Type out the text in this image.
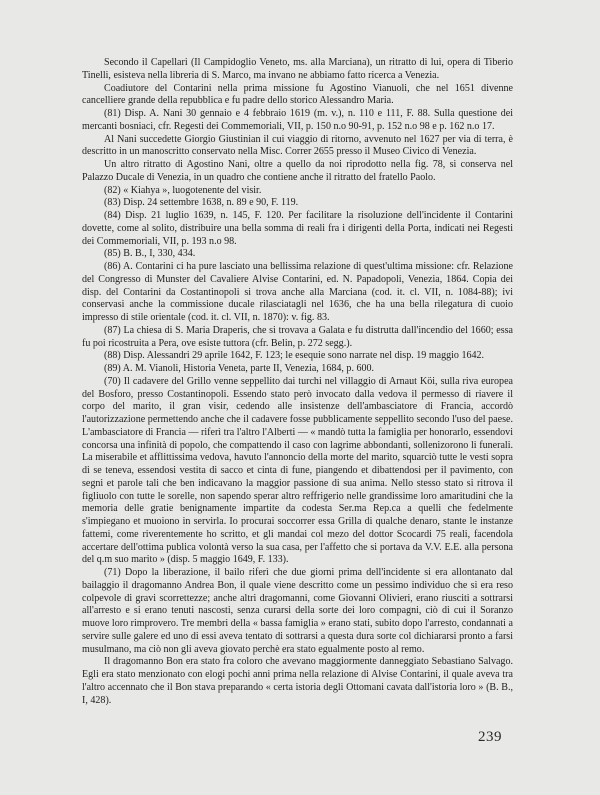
Secondo il Capellari (Il Campidoglio Veneto, ms. alla Marciana), un ritratto di lui, opera di Tiberio Tinelli, esisteva nella libreria di S. Marco, ma invano ne abbiamo fatto ricerca a Venezia.

Coadiutore del Contarini nella prima missione fu Agostino Vianuoli, che nel 1651 divenne cancelliere grande della repubblica e fu padre dello storico Alessandro Maria.

(81) Disp. A. Nani 30 gennaio e 4 febbraio 1619 (m. v.), n. 110 e 111, F. 88. Sulla questione dei mercanti bosniaci, cfr. Regesti dei Commemoriali, VII, p. 150 n.o 90-91, p. 152 n.o 98 e p. 162 n.o 17.

Al Nani succedette Giorgio Giustinian il cui viaggio di ritorno, avvenuto nel 1627 per via di terra, è descritto in un manoscritto conservato nella Misc. Correr 2655 presso il Museo Civico di Venezia.

Un altro ritratto di Agostino Nani, oltre a quello da noi riprodotto nella fig. 78, si conserva nel Palazzo Ducale di Venezia, in un quadro che contiene anche il ritratto del fratello Paolo.

(82) « Kiahya », luogotenente del visir.

(83) Disp. 24 settembre 1638, n. 89 e 90, F. 119.

(84) Disp. 21 luglio 1639, n. 145, F. 120. Per facilitare la risoluzione dell'incidente il Contarini dovette, come al solito, distribuire una bella somma di reali fra i dirigenti della Porta, indicati nei Regesti dei Commemoriali, VII, p. 193 n.o 98.

(85) B. B., I, 330, 434.

(86) A. Contarini ci ha pure lasciato una bellissima relazione di quest'ultima missione: cfr. Relazione del Congresso di Munster del Cavaliere Alvise Contarini, ed. N. Papadopoli, Venezia, 1864. Copia dei disp. del Contarini da Costantinopoli si trova anche alla Marciana (cod. it. cl. VII, n. 1084-88); ivi conservasi anche la commissione ducale rilasciatagli nel 1636, che ha una bella rilegatura di cuoio impresso di stile orientale (cod. it. cl. VII, n. 1870): v. fig. 83.

(87) La chiesa di S. Maria Draperis, che si trovava a Galata e fu distrutta dall'incendio del 1660; essa fu poi ricostruita a Pera, ove esiste tuttora (cfr. Belin, p. 272 segg.).

(88) Disp. Alessandri 29 aprile 1642, F. 123; le esequie sono narrate nel disp. 19 maggio 1642.

(89) A. M. Vianoli, Historia Veneta, parte II, Venezia, 1684, p. 600.

(70) Il cadavere del Grillo venne seppellito dai turchi nel villaggio di Arnaut Köi, sulla riva europea del Bosforo, presso Costantinopoli. Essendo stato però invocato dalla vedova il permesso di riavere il corpo del marito, il gran visir, cedendo alle insistenze dell'ambasciatore di Francia, accordò l'autorizzazione permettendo anche che il cadavere fosse pubblicamente seppellito secondo l'uso del paese. L'ambasciatore di Francia — riferì tra l'altro l'Alberti — « mandò tutta la famiglia per honorarlo, essendovi concorsa una infinità di popolo, che compattendo il caso con lagrime abbondanti, sollenizorono li funerali. La miserabile et afflittissima vedova, havuto l'annoncio della morte del marito, squarciò tutte le vesti sopra di se teneva, essendosi vestita di sacco et cinta di fune, piangendo et dibattendosi per il pavimento, con segni et parole tali che ben indicavano la maggior passione di sua anima. Nello stesso stato si ritrova il figliuolo con tutte le sorelle, non sapendo sperar altro reffrigerio nelle grandissime loro amaritudini che la memoria delle gratie benignamente impartite da codesta Ser.ma Rep.ca a quelli che fedelmente s'impiegano et muoiono in servirla. Io procurai soccorrer essa Grilla di qualche denaro, stante le instanze fattemi, come riverentemente ho scritto, et gli mandai col mezo del dottor Scocardi 75 reali, facendola accertare dell'ottima publica volontà verso la sua casa, per l'affetto che si portava da V.V. E.E. alla persona del q.m suo marito » (disp. 5 maggio 1649, F. 133).

(71) Dopo la liberazione, il bailo riferì che due giorni prima dell'incidente si era allontanato dal bailaggio il dragomanno Andrea Bon, il quale viene descritto come un pessimo individuo che si era reso colpevole di gravi scorrettezze; anche altri dragomanni, come Giovanni Olivieri, erano riusciti a sottrarsi all'arresto e si erano tenuti nascosti, senza curarsi della sorte dei loro compagni, ciò di cui il Soranzo muove loro rimprovero. Tre membri della « bassa famiglia » erano stati, subito dopo l'arresto, condannati a servire sulle galere ed uno di essi aveva tentato di sottrarsi a questa dura sorte col dichiararsi pronto a farsi musulmano, ma ciò non gli aveva giovato perchè era stato egualmente posto al remo.

Il dragomanno Bon era stato fra coloro che avevano maggiormente danneggiato Sebastiano Salvago. Egli era stato menzionato con elogi pochi anni prima nella relazione di Alvise Contarini, il quale aveva tra l'altro accennato che il Bon stava preparando « certa istoria degli Ottomani cavata dall'istoria loro » (B. B., I, 428).

239
